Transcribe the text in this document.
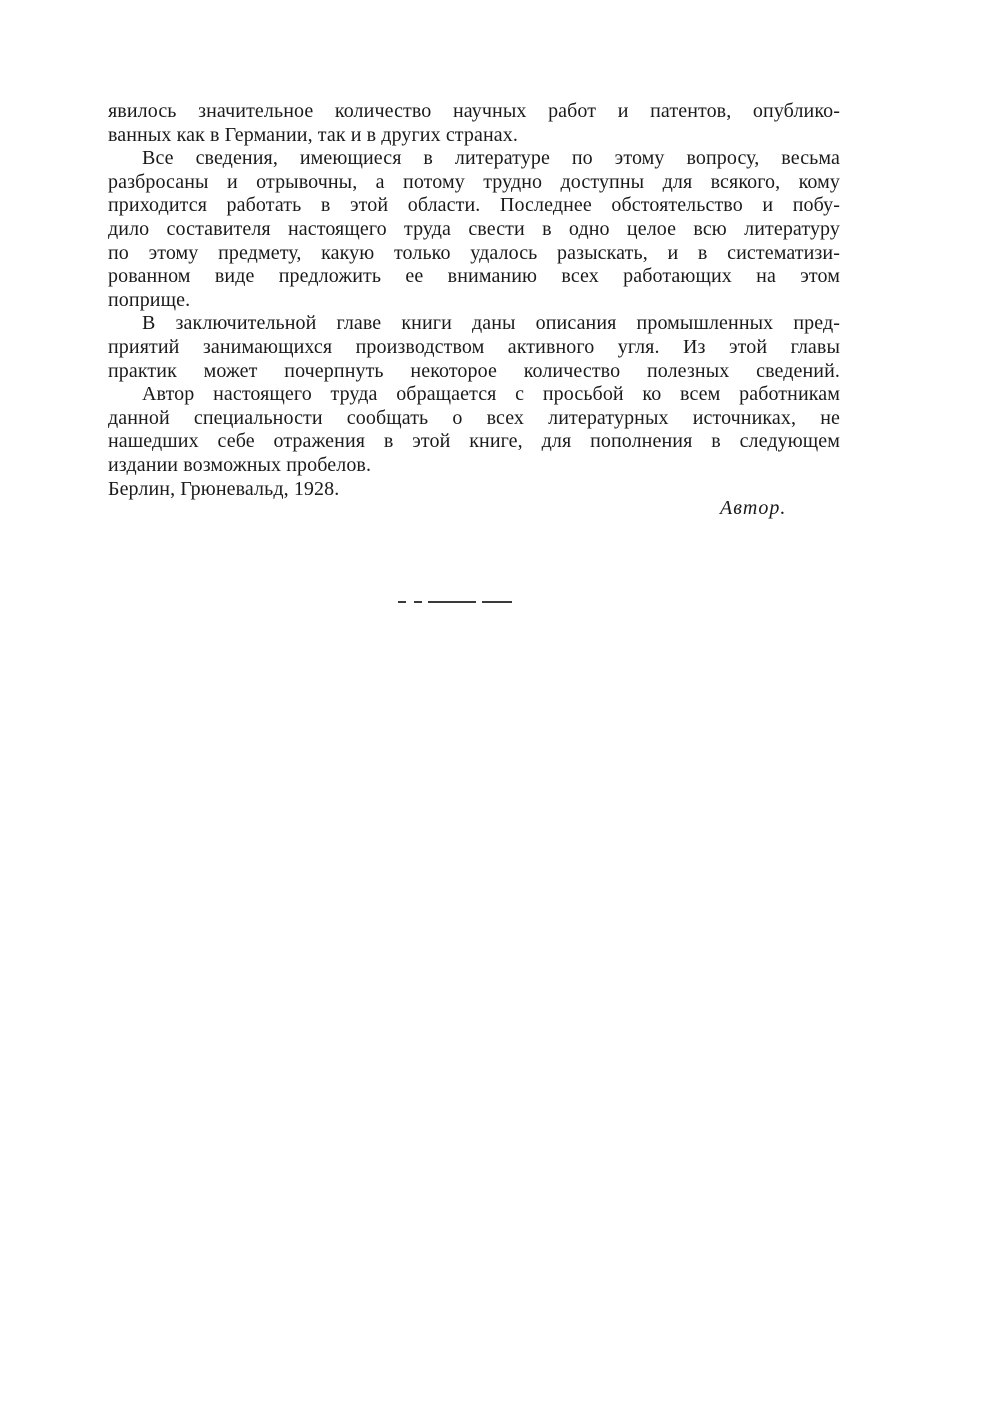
явилось значительное количество научных работ и патентов, опублико-
ванных как в Германии, так и в других странах.
Все сведения, имеющиеся в литературе по этому вопросу, весьма
разбросаны и отрывочны, а потому трудно доступны для всякого, кому
приходится работать в этой области. Последнее обстоятельство и побу-
дило составителя настоящего труда свести в одно целое всю литературу
по этому предмету, какую только удалось разыскать, и в систематизи-
рованном виде предложить ее вниманию всех работающих на этом
поприще.
В заключительной главе книги даны описания промышленных пред-
приятий занимающихся производством активного угля. Из этой главы
практик может почерпнуть некоторое количество полезных сведений.
Автор настоящего труда обращается с просьбой ко всем работникам
данной специальности сообщать о всех литературных источниках, не
нашедших себе отражения в этой книге, для пополнения в следующем
издании возможных пробелов.
Берлин, Грюневальд, 1928.
Автор.
